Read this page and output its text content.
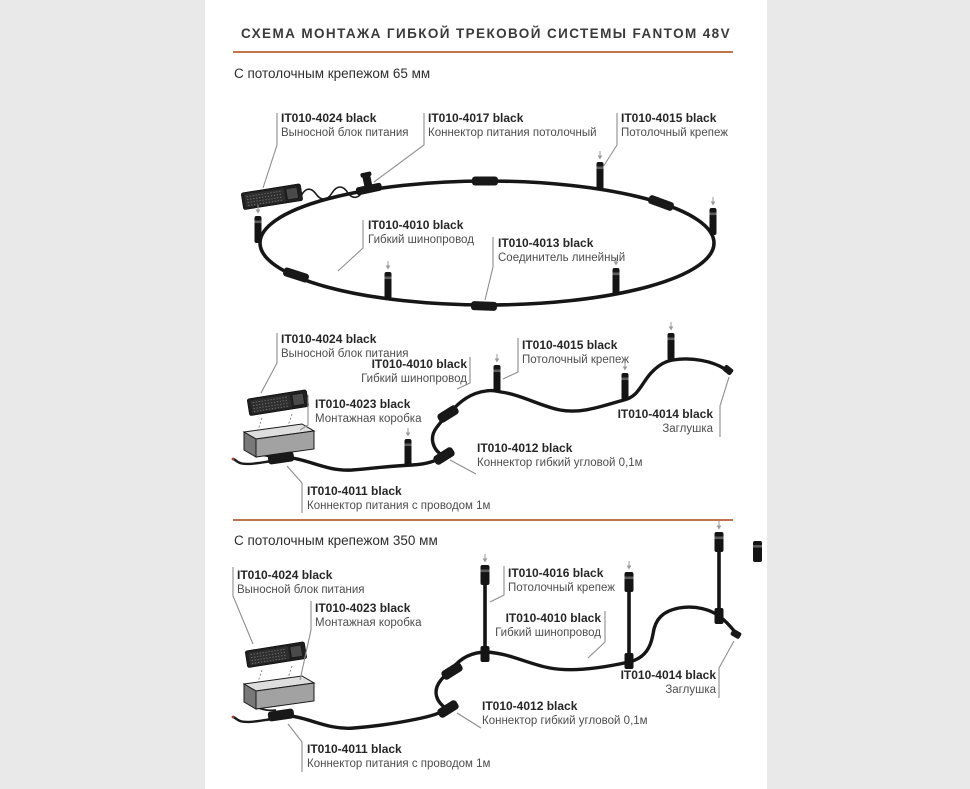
СХЕМА МОНТАЖА ГИБКОЙ ТРЕКОВОЙ СИСТЕМЫ FANTOM 48V
С потолочным крепежом 65 мм
С потолочным крепежом 350 мм
IT010-4024 black
Выносной блок питания
IT010-4017 black
Коннектор питания потолочный
IT010-4015 black
Потолочный крепеж
IT010-4010 black
Гибкий шинопровод IT010-4013 black
Соединитель линейный
IT010-4024 black
Выносной блок питания
IT010-4010 black
Гибкий шинопровод
IT010-4015 black
Потолочный крепеж
IT010-4023 black
Монтажная коробка	IT010-4014 black
Заглушка
IT010-4012 black
Коннектор гибкий угловой 0,1м
IT010-4011 black
Коннектор питания с проводом 1м
IT010-4024 black
Выносной блок питания
IT010-4016 black
Потолочный крепеж
IT010-4023 black
Монтажная коробка	IT010-4010 black
Гибкий шинопровод
IT010-4014 black
Заглушка
IT010-4012 black
Коннектор гибкий угловой 0,1м
IT010-4011 black
Коннектор питания с проводом 1м
